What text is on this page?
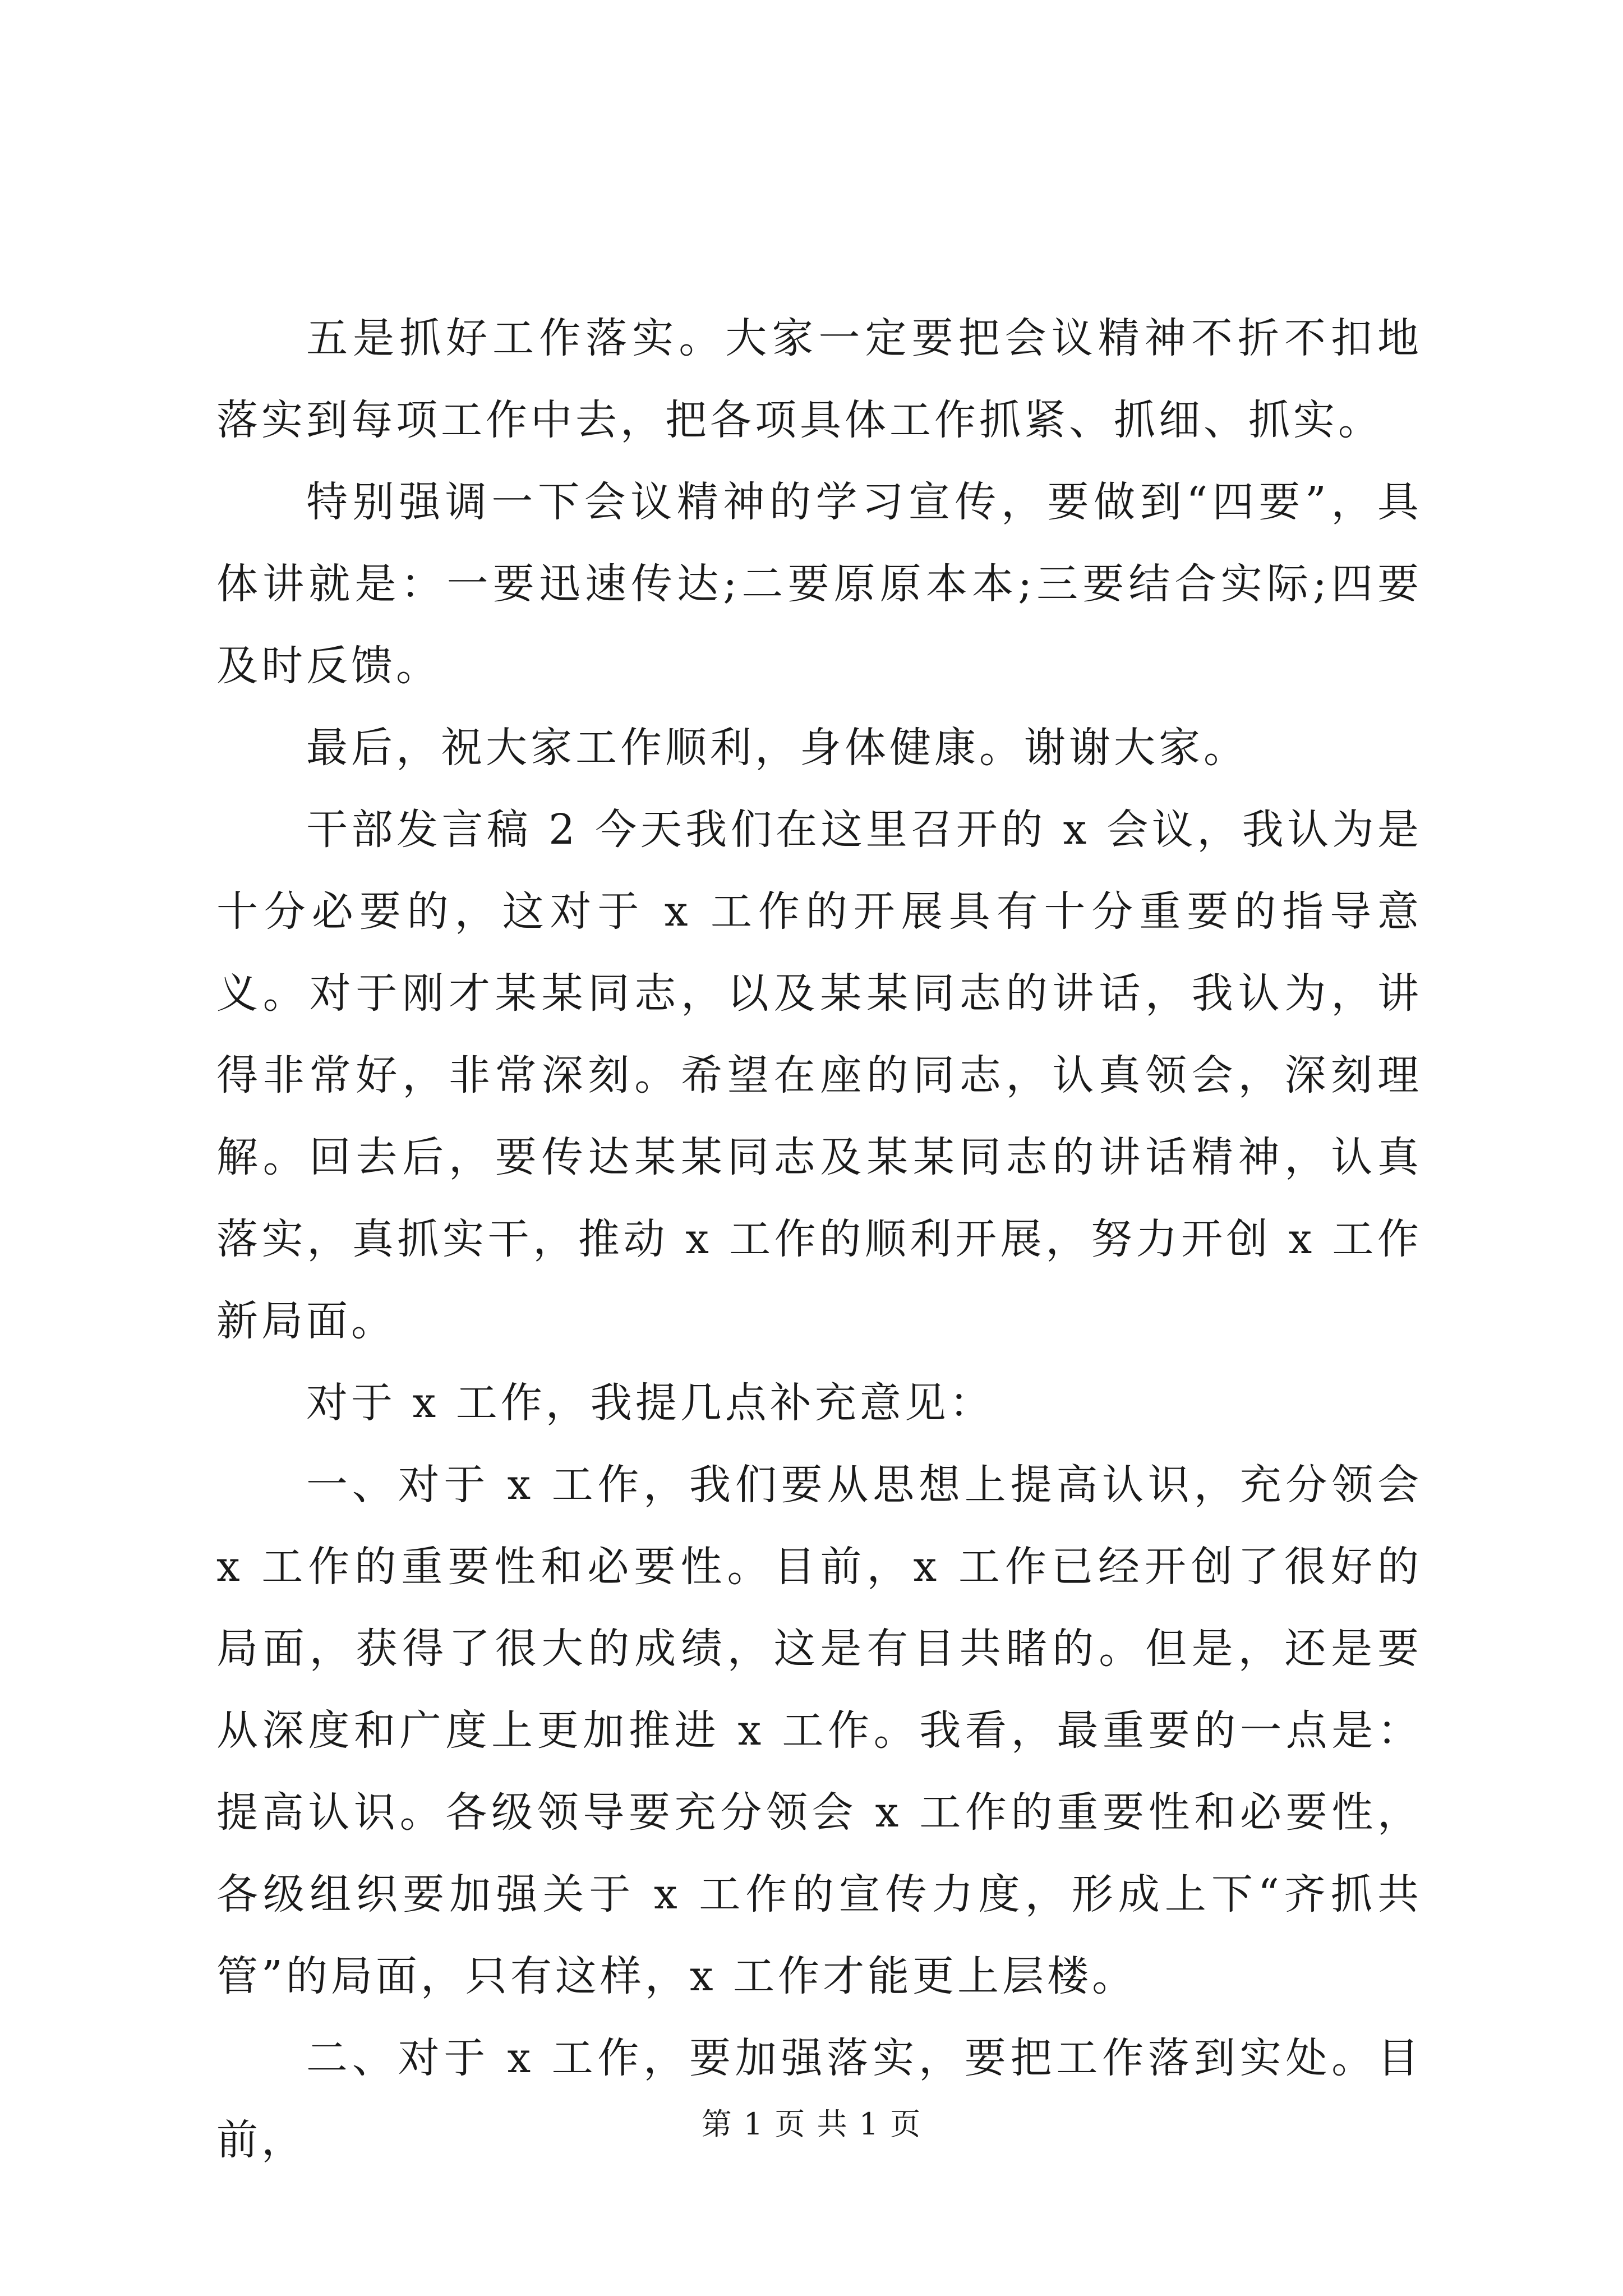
五是抓好工作落实。大家一定要把会议精神不折不扣地落实到每项工作中去，把各项具体工作抓紧、抓细、抓实。

特别强调一下会议精神的学习宣传，要做到“四要”，具体讲就是：一要迅速传达;二要原原本本;三要结合实际;四要及时反馈。

最后，祝大家工作顺利，身体健康。谢谢大家。

干部发言稿 2 今天我们在这里召开的 x 会议，我认为是十分必要的，这对于 x 工作的开展具有十分重要的指导意义。对于刚才某某同志，以及某某同志的讲话，我认为，讲得非常好，非常深刻。希望在座的同志，认真领会，深刻理解。回去后，要传达某某同志及某某同志的讲话精神，认真落实，真抓实干，推动 x 工作的顺利开展，努力开创 x 工作新局面。

对于 x 工作，我提几点补充意见：

一、对于 x 工作，我们要从思想上提高认识，充分领会 x 工作的重要性和必要性。目前，x 工作已经开创了很好的局面，获得了很大的成绩，这是有目共睹的。但是，还是要从深度和广度上更加推进 x 工作。我看，最重要的一点是：提高认识。各级领导要充分领会 x 工作的重要性和必要性，各级组织要加强关于 x 工作的宣传力度，形成上下“齐抓共管”的局面，只有这样，x 工作才能更上层楼。

二、对于 x 工作，要加强落实，要把工作落到实处。目前，	第 1 页 共 1 页
